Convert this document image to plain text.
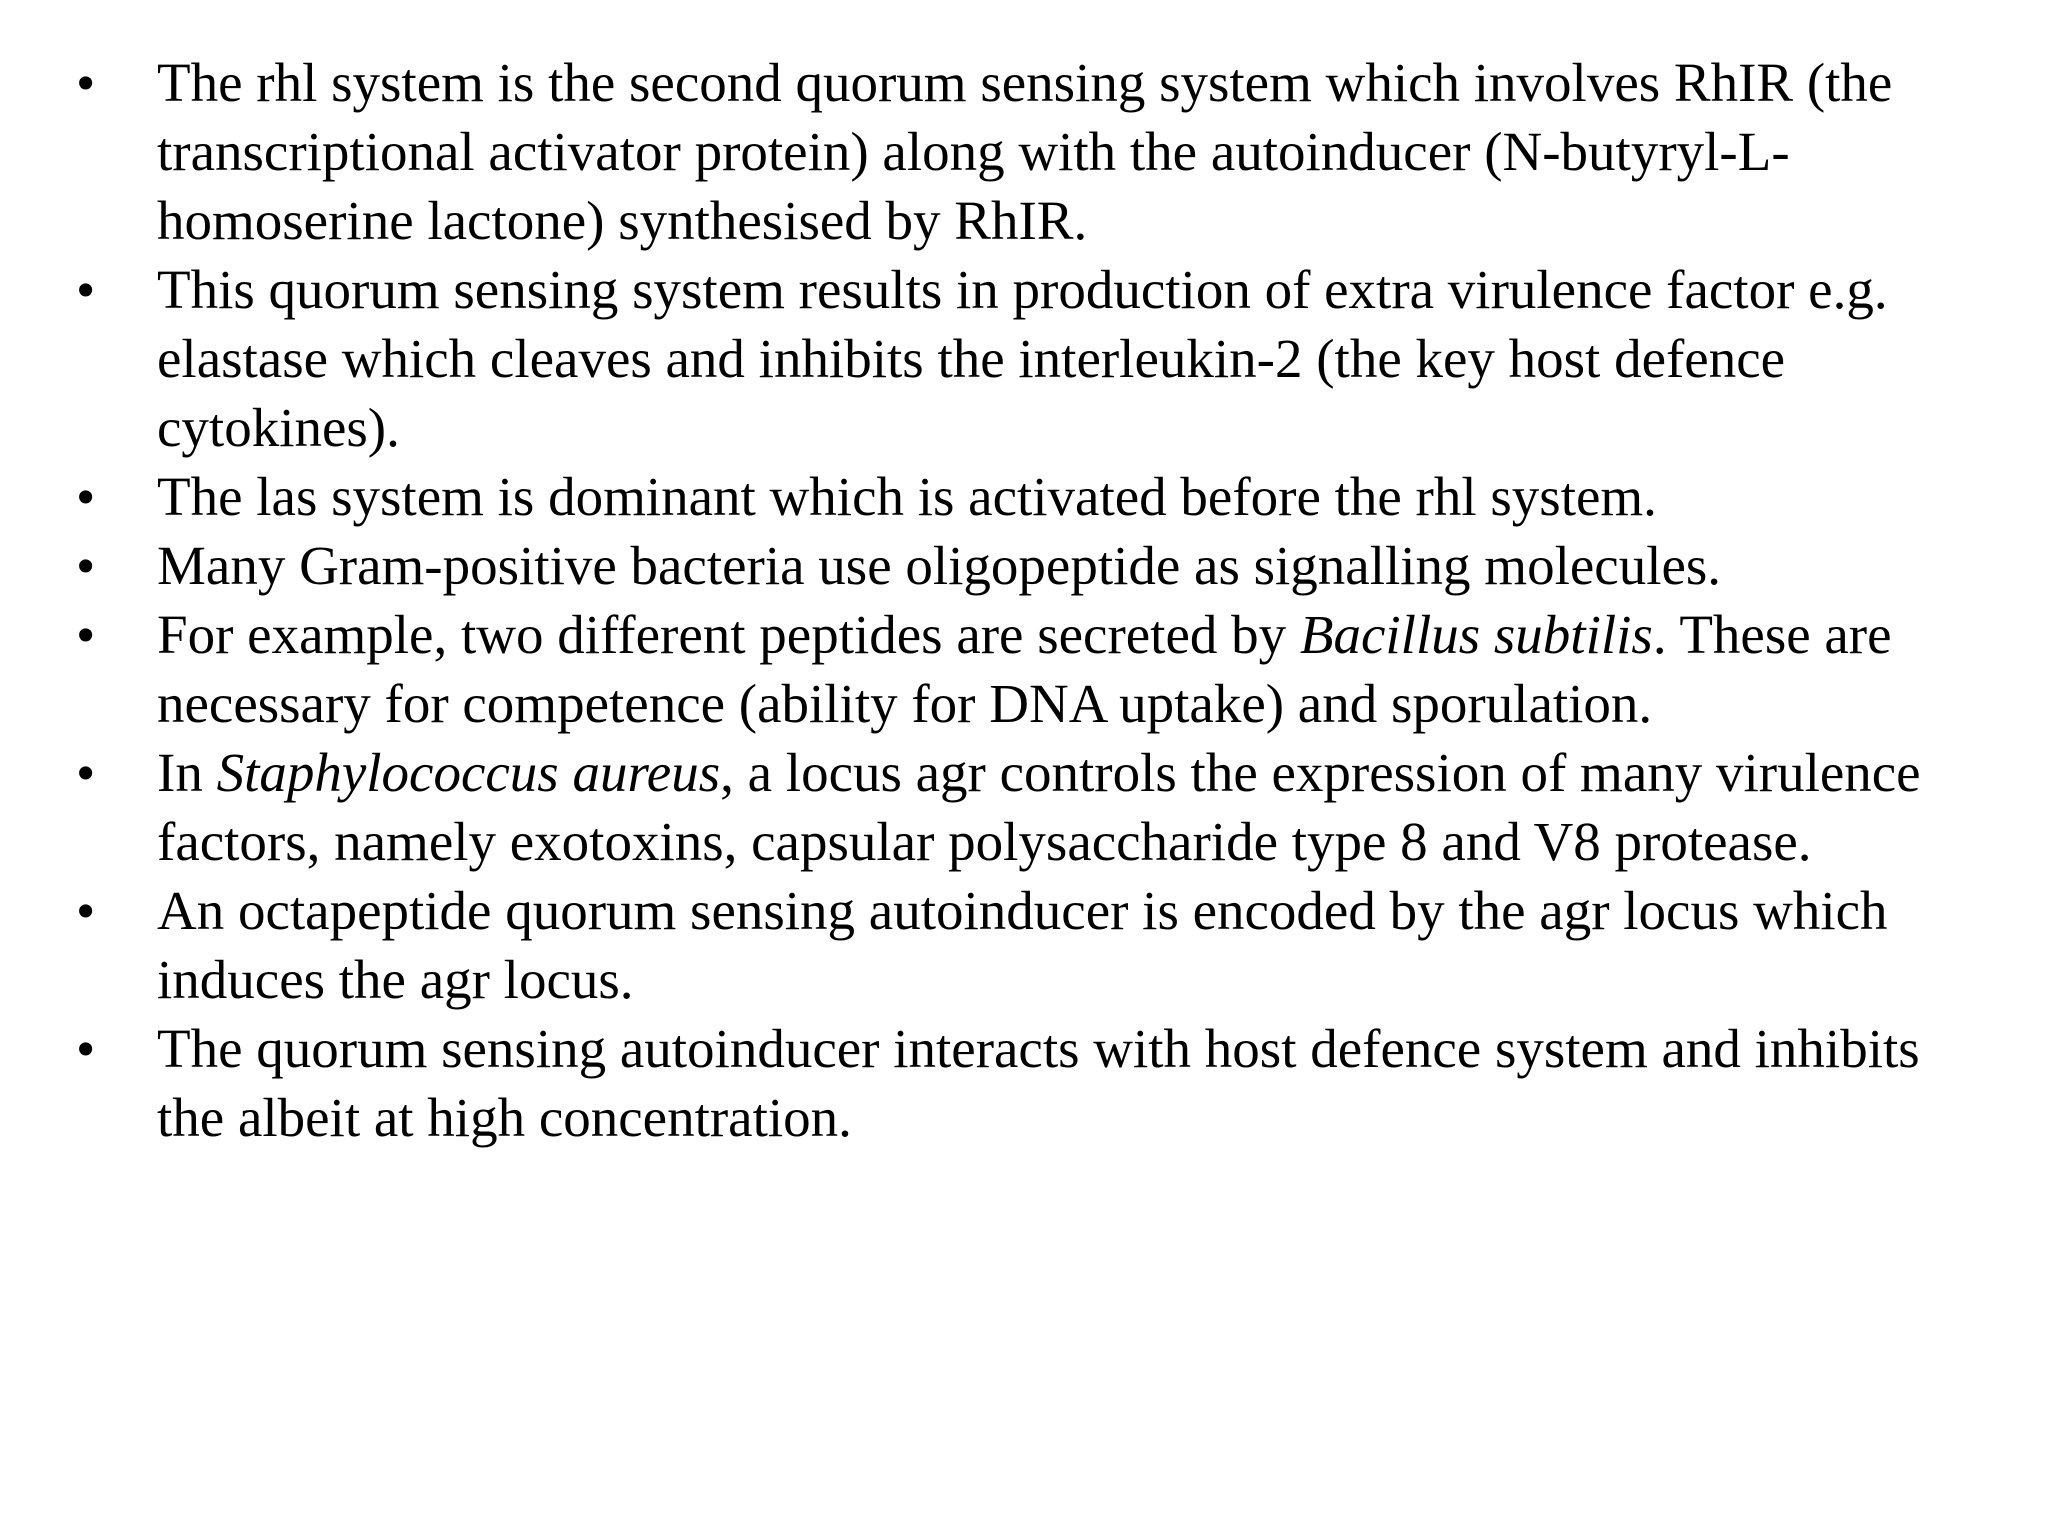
• The rhl system is the second quorum sensing system which involves RhIR (the transcriptional activator protein) along with the autoinducer (N-butyryl-L-homoserine lactone) synthesised by RhIR.
• This quorum sensing system results in production of extra virulence factor e.g. elastase which cleaves and inhibits the interleukin-2 (the key host defence cytokines).
• The las system is dominant which is activated before the rhl system.
• Many Gram-positive bacteria use oligopeptide as signalling molecules.
• For example, two different peptides are secreted by Bacillus subtilis. These are necessary for competence (ability for DNA uptake) and sporulation.
• In Staphylococcus aureus, a locus agr controls the expression of many virulence factors, namely exotoxins, capsular polysaccharide type 8 and V8 protease.
• An octapeptide quorum sensing autoinducer is encoded by the agr locus which induces the agr locus.
• The quorum sensing autoinducer interacts with host defence system and inhibits the albeit at high concentration.
